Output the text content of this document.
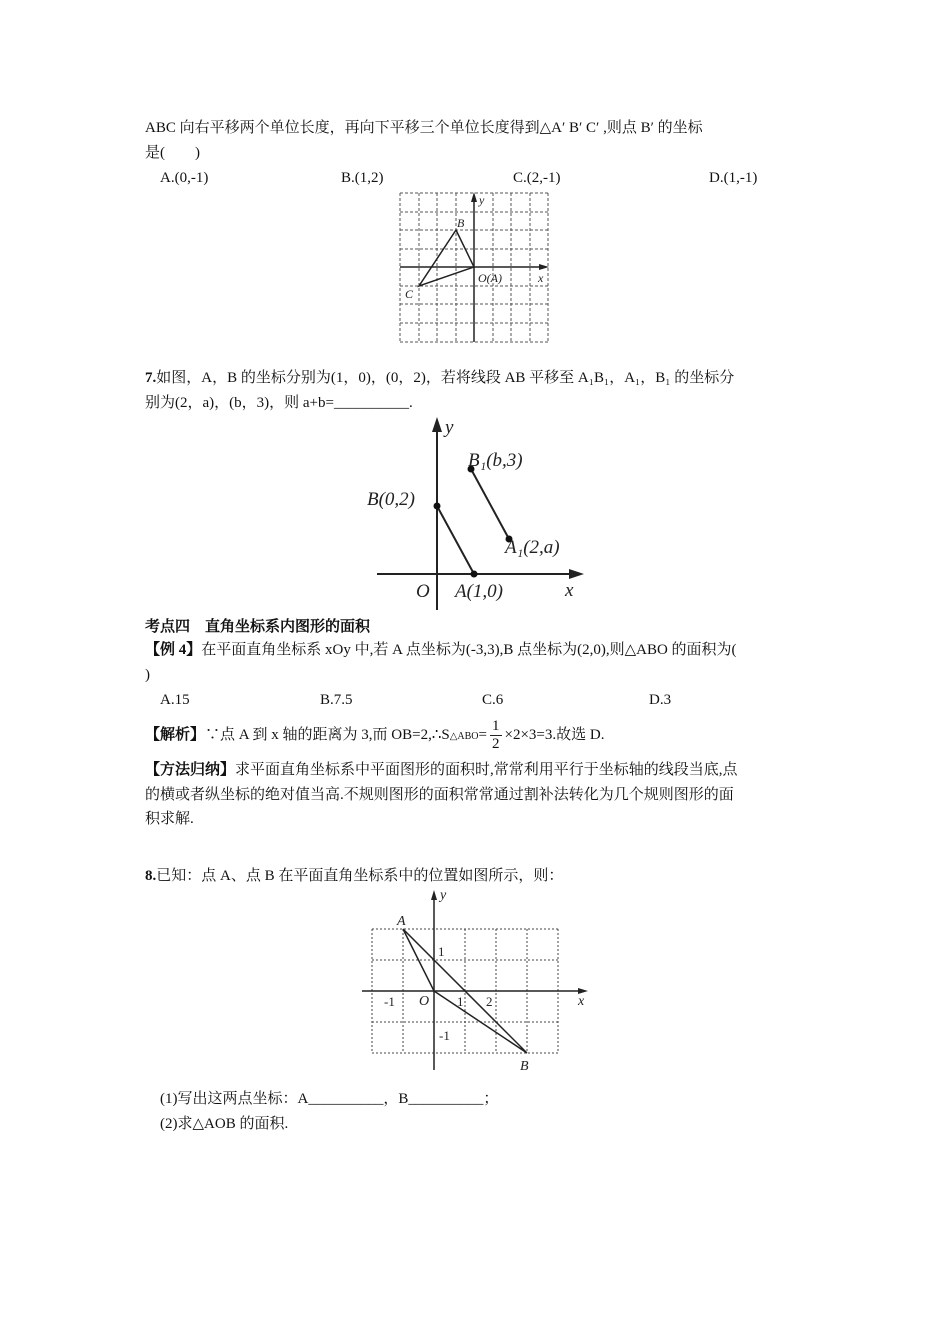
ABC 向右平移两个单位长度，再向下平移三个单位长度得到△A′ B′ C′ ,则点 B′ 的坐标
是(　　)
A.(0,-1)	B.(1,2)	C.(2,-1)	D.(1,-1)
B
C
O(A)	x
y
B(0,2)
A(1,0)
B₁(b,3)
A₁(2,a)
O	x
y
A
B
O	x
y
-1	1 2
1
-1
7.如图，A，B 的坐标分别为(1，0)，(0，2)，若将线段 AB 平移至 A₁B₁，A₁，B₁ 的坐标分
别为(2，a)，(b，3)，则 a+b=__________.
考点四　直角坐标系内图形的面积
【例 4】在平面直角坐标系 xOy 中,若 A 点坐标为(-3,3),B 点坐标为(2,0),则△ABO 的面积为(
)
A.15	B.7.5	C.6	D.3
【解析】∵点 A 到 x 轴的距离为 3,而 OB=2,∴S△ABO= $\frac{1}{2} \times 2\times 3=3$.故选 D.
【方法归纳】求平面直角坐标系中平面图形的面积时,常常利用平行于坐标轴的线段当底,点
的横或者纵坐标的绝对值当高.不规则图形的面积常常通过割补法转化为几个规则图形的面
积求解.
8.已知：点 A、点 B 在平面直角坐标系中的位置如图所示，则：
(1)写出这两点坐标：A__________，B__________；
(2)求△AOB 的面积.
